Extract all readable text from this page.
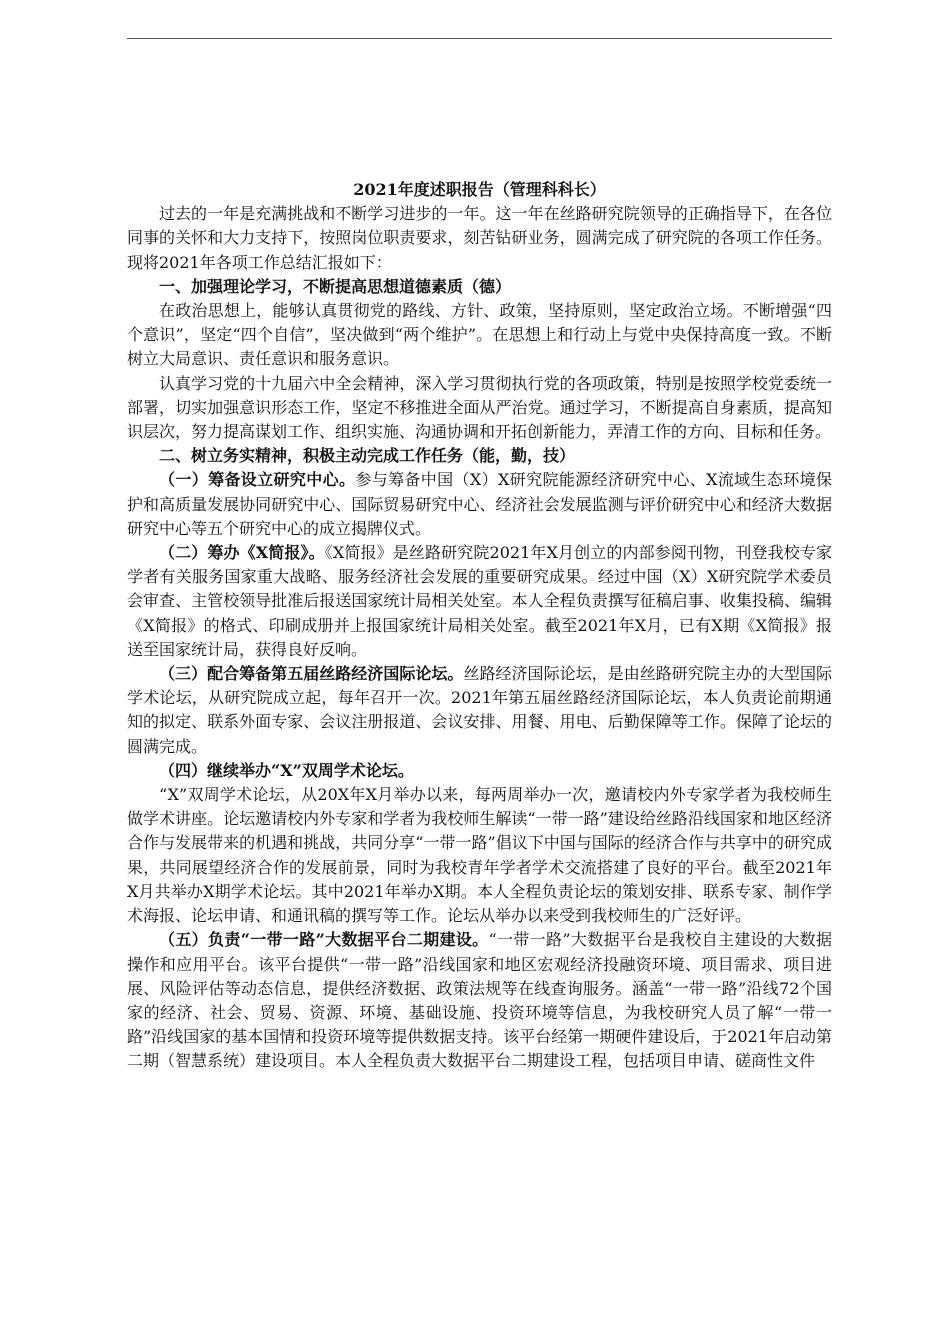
2021年度述职报告（管理科科长）

过去的一年是充满挑战和不断学习进步的一年。这一年在丝路研究院领导的正确指导下，在各位同事的关怀和大力支持下，按照岗位职责要求，刻苦钻研业务，圆满完成了研究院的各项工作任务。现将2021年各项工作总结汇报如下：

一、加强理论学习，不断提高思想道德素质（德）

在政治思想上，能够认真贯彻党的路线、方针、政策，坚持原则，坚定政治立场。不断增强“四个意识”，坚定“四个自信”，坚决做到“两个维护”。在思想上和行动上与党中央保持高度一致。不断树立大局意识、责任意识和服务意识。

认真学习党的十九届六中全会精神，深入学习贯彻执行党的各项政策，特别是按照学校党委统一部署，切实加强意识形态工作，坚定不移推进全面从严治党。通过学习，不断提高自身素质，提高知识层次，努力提高谋划工作、组织实施、沟通协调和开拓创新能力，弄清工作的方向、目标和任务。

二、树立务实精神，积极主动完成工作任务（能，勤，技）

（一）筹备设立研究中心。参与筹备中国（X）X研究院能源经济研究中心、X流域生态环境保护和高质量发展协同研究中心、国际贸易研究中心、经济社会发展监测与评价研究中心和经济大数据研究中心等五个研究中心的成立揭牌仪式。

（二）筹办《X简报》。《X简报》是丝路研究院2021年X月创立的内部参阅刊物，刊登我校专家学者有关服务国家重大战略、服务经济社会发展的重要研究成果。经过中国（X）X研究院学术委员会审查、主管校领导批准后报送国家统计局相关处室。本人全程负责撰写征稿启事、收集投稿、编辑《X简报》的格式、印刷成册并上报国家统计局相关处室。截至2021年X月，已有X期《X简报》报送至国家统计局，获得良好反响。

（三）配合筹备第五届丝路经济国际论坛。丝路经济国际论坛，是由丝路研究院主办的大型国际学术论坛，从研究院成立起，每年召开一次。2021年第五届丝路经济国际论坛，本人负责论前期通知的拟定、联系外面专家、会议注册报道、会议安排、用餐、用电、后勤保障等工作。保障了论坛的圆满完成。

（四）继续举办“X”双周学术论坛。

“X”双周学术论坛，从20X年X月举办以来，每两周举办一次，邀请校内外专家学者为我校师生做学术讲座。论坛邀请校内外专家和学者为我校师生解读“一带一路”建设给丝路沿线国家和地区经济合作与发展带来的机遇和挑战，共同分享“一带一路”倡议下中国与国际的经济合作与共享中的研究成果，共同展望经济合作的发展前景，同时为我校青年学者学术交流搭建了良好的平台。截至2021年X月共举办X期学术论坛。其中2021年举办X期。本人全程负责论坛的策划安排、联系专家、制作学术海报、论坛申请、和通讯稿的撰写等工作。论坛从举办以来受到我校师生的广泛好评。

（五）负责“一带一路”大数据平台二期建设。“一带一路”大数据平台是我校自主建设的大数据操作和应用平台。该平台提供“一带一路”沿线国家和地区宏观经济投融资环境、项目需求、项目进展、风险评估等动态信息，提供经济数据、政策法规等在线查询服务。涵盖“一带一路”沿线72个国家的经济、社会、贸易、资源、环境、基础设施、投资环境等信息，为我校研究人员了解“一带一路”沿线国家的基本国情和投资环境等提供数据支持。该平台经第一期硬件建设后，于2021年启动第二期（智慧系统）建设项目。本人全程负责大数据平台二期建设工程，包括项目申请、磋商性文件
